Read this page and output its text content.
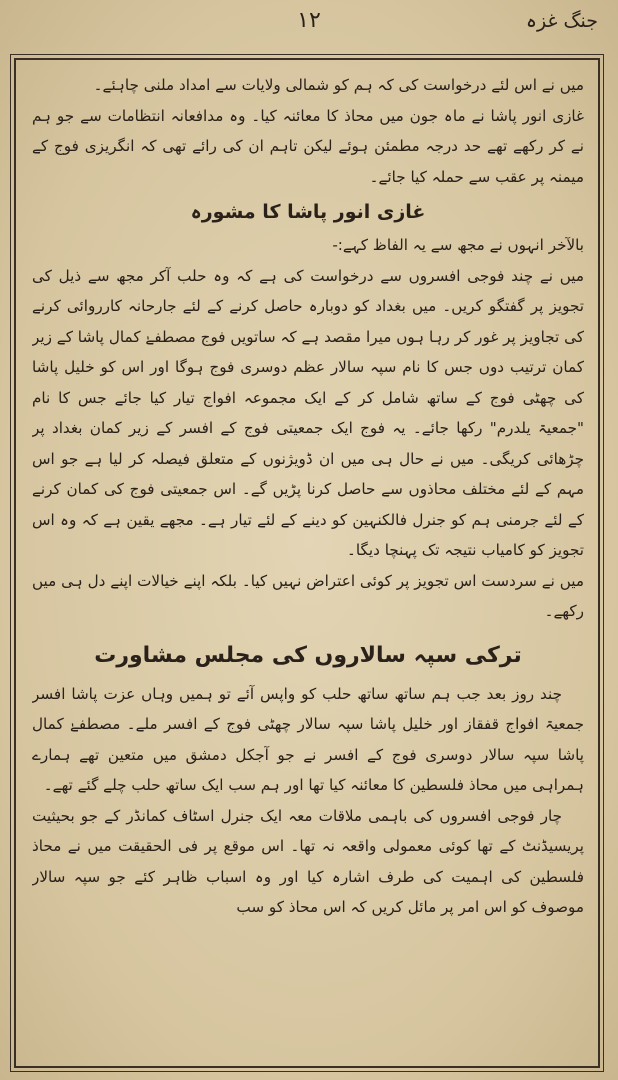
جنگ غزہ
۱۲

میں نے اس لئے درخواست کی کہ ہم کو شمالی ولایات سے امداد ملنی چاہئے۔

غازی انور پاشا نے ماہ جون میں محاذ کا معائنہ کیا۔ وہ مدافعانہ انتظامات سے جو ہم نے کر رکھے تھے حد درجہ مطمئن ہوئے لیکن تاہم ان کی رائے تھی کہ انگریزی فوج کے میمنہ پر عقب سے حملہ کیا جائے۔

غازی انور پاشا کا مشورہ

بالآخر انہوں نے مجھ سے یہ الفاظ کہے:-

میں نے چند فوجی افسروں سے درخواست کی ہے کہ وہ حلب آکر مجھ سے ذیل کی تجویز پر گفتگو کریں۔ میں بغداد کو دوبارہ حاصل کرنے کے لئے جارحانہ کارروائی کرنے کی تجاویز پر غور کر رہا ہوں میرا مقصد ہے کہ ساتویں فوج مصطفےٰ کمال پاشا کے زیر کمان ترتیب دوں جس کا نام سپہ سالار عظم دوسری فوج ہوگا اور اس کو خلیل پاشا کی چھٹی فوج کے ساتھ شامل کر کے ایک مجموعہ افواج تیار کیا جائے جس کا نام "جمعیۃ یلدرم" رکھا جائے۔ یہ فوج ایک جمعیتی فوج کے افسر کے زیر کمان بغداد پر چڑھائی کریگی۔ میں نے حال ہی میں ان ڈویژنوں کے متعلق فیصلہ کر لیا ہے جو اس مہم کے لئے مختلف محاذوں سے حاصل کرنا پڑیں گے۔ اس جمعیتی فوج کی کمان کرنے کے لئے جرمنی ہم کو جنرل فالکنہین کو دینے کے لئے تیار ہے۔ مجھے یقین ہے کہ وہ اس تجویز کو کامیاب نتیجہ تک پہنچا دیگا۔

میں نے سردست اس تجویز پر کوئی اعتراض نہیں کیا۔ بلکہ اپنے خیالات اپنے دل ہی میں رکھے۔

ترکی سپہ سالاروں کی مجلس مشاورت

چند روز بعد جب ہم ساتھ ساتھ حلب کو واپس آئے تو ہمیں وہاں عزت پاشا افسر جمعیۃ افواج قفقاز اور خلیل پاشا سپہ سالار چھٹی فوج کے افسر ملے۔ مصطفےٰ کمال پاشا سپہ سالار دوسری فوج کے افسر نے جو آجکل دمشق میں متعین تھے ہمارے ہمراہی میں محاذ فلسطین کا معائنہ کیا تھا اور ہم سب ایک ساتھ حلب چلے گئے تھے۔

چار فوجی افسروں کی باہمی ملاقات معہ ایک جنرل اسٹاف کمانڈر کے جو بحیثیت پریسیڈنٹ کے تھا کوئی معمولی واقعہ نہ تھا۔ اس موقع پر فی الحقیقت میں نے محاذ فلسطین کی اہمیت کی طرف اشارہ کیا اور وہ اسباب ظاہر کئے جو سپہ سالار موصوف کو اس امر پر مائل کریں کہ اس محاذ کو سب
